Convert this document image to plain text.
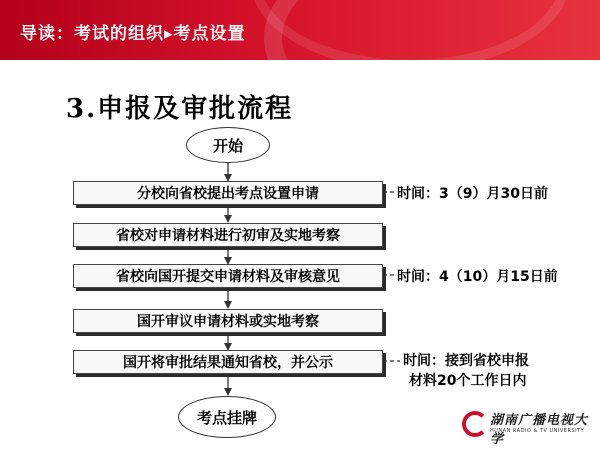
导读：考试的组织▸考点设置
3.申报及审批流程
开始
分校向省校提出考点设置申请
省校对申请材料进行初审及实地考察
省校向国开提交申请材料及审核意见
国开审议申请材料或实地考察
国开将审批结果通知省校，并公示
考点挂牌
时间：3（9）月30日前
时间：4（10）月15日前
时间：接到省校申报
材料20个工作日内
湖南广播电视大学
HUNAN RADIO & TV UNIVERSITY
